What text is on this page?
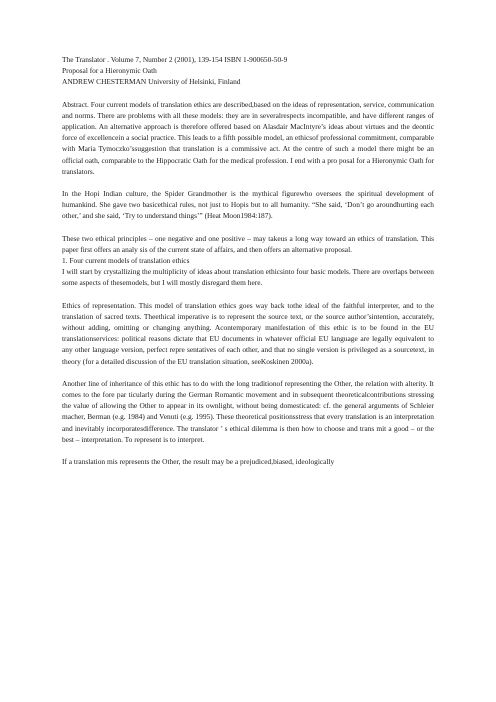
The Translator . Volume 7, Number 2 (2001), 139-154 ISBN 1-900650-50-9

Proposal for a Hieronymic Oath

ANDREW CHESTERMAN University of Helsinki, Finland

Abstract. Four current models of translation ethics are described,based on the ideas of representation, service, communication and norms. There are problems with all these models: they are in severalrespects incompatible, and have different ranges of application. An alternative approach is therefore offered based on Alasdair MacIntyre’s ideas about virtues and the deontic force of excellencein a social practice. This leads to a fifth possible model, an ethicsof professional commitment, comparable with Maria Tymoczko’ssuggestion that translation is a commissive act. At the centre of such a model there might be an official oath, comparable to the Hippocratic Oath for the medical profession. I end with a pro posal for a Hieronymic Oath for translators.

In the Hopi Indian culture, the Spider Grandmother is the mythical figurewho oversees the spiritual development of humankind. She gave two basicethical rules, not just to Hopis but to all humanity. “She said, ‘Don’t go aroundhurting each other,’ and she said, ‘Try to understand things’” (Heat Moon1984:187).

These two ethical principles – one negative and one positive – may takeus a long way toward an ethics of translation. This paper first offers an analy sis of the current state of affairs, and then offers an alternative proposal.

1. Four current models of translation ethics

I will start by crystallizing the multiplicity of ideas about translation ethicsinto four basic models. There are overlaps between some aspects of thesemodels, but I will mostly disregard them here.

Ethics of representation. This model of translation ethics goes way back tothe ideal of the faithful interpreter, and to the translation of sacred texts. Theethical imperative is to represent the source text, or the source author’sintention, accurately, without adding, omitting or changing anything. Acontemporary manifestation of this ethic is to be found in the EU translationservices: political reasons dictate that EU documents in whatever official EU language are legally equivalent to any other language version, perfect repre sentatives of each other, and that no single version is privileged as a sourcetext, in theory (for a detailed discussion of the EU translation situation, seeKoskinen 2000a).

Another line of inheritance of this ethic has to do with the long traditionof representing the Other, the relation with alterity. It comes to the fore par ticularly during the German Romantic movement and in subsequent theoreticalcontributions stressing the value of allowing the Other to appear in its ownlight, without being domesticated: cf. the general arguments of Schleier macher, Berman (e.g. 1984) and Venuti (e.g. 1995). These theoretical positionsstress that every translation is an interpretation and inevitably incorporatesdifference. The translator ’ s ethical dilemma is then how to choose and trans mit a good – or the best – interpretation. To represent is to interpret.

If a translation mis represents the Other, the result may be a prejudiced,biased, ideologically
